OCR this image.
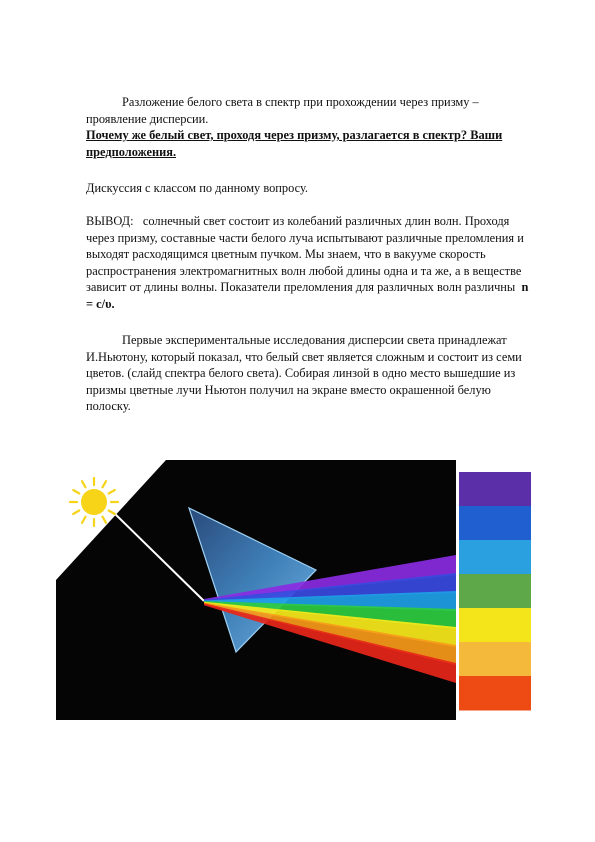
Разложение белого света в спектр при прохождении через призму – проявление дисперсии.
Почему же белый свет, проходя через призму, разлагается в спектр? Ваши предположения.
Дискуссия с классом по данному вопросу.
ВЫВОД: солнечный свет состоит из колебаний различных длин волн. Проходя через призму, составные части белого луча испытывают различные преломления и выходят расходящимся цветным пучком. Мы знаем, что в вакууме скорость распространения электромагнитных волн любой длины одна и та же, а в веществе зависит от длины волны. Показатели преломления для различных волн различны n = c/υ.
Первые экспериментальные исследования дисперсии света принадлежат И.Ньютону, который показал, что белый свет является сложным и состоит из семи цветов. (слайд спектра белого света). Собирая линзой в одно место вышедшие из призмы цветные лучи Ньютон получил на экране вместо окрашенной белую полоску.
